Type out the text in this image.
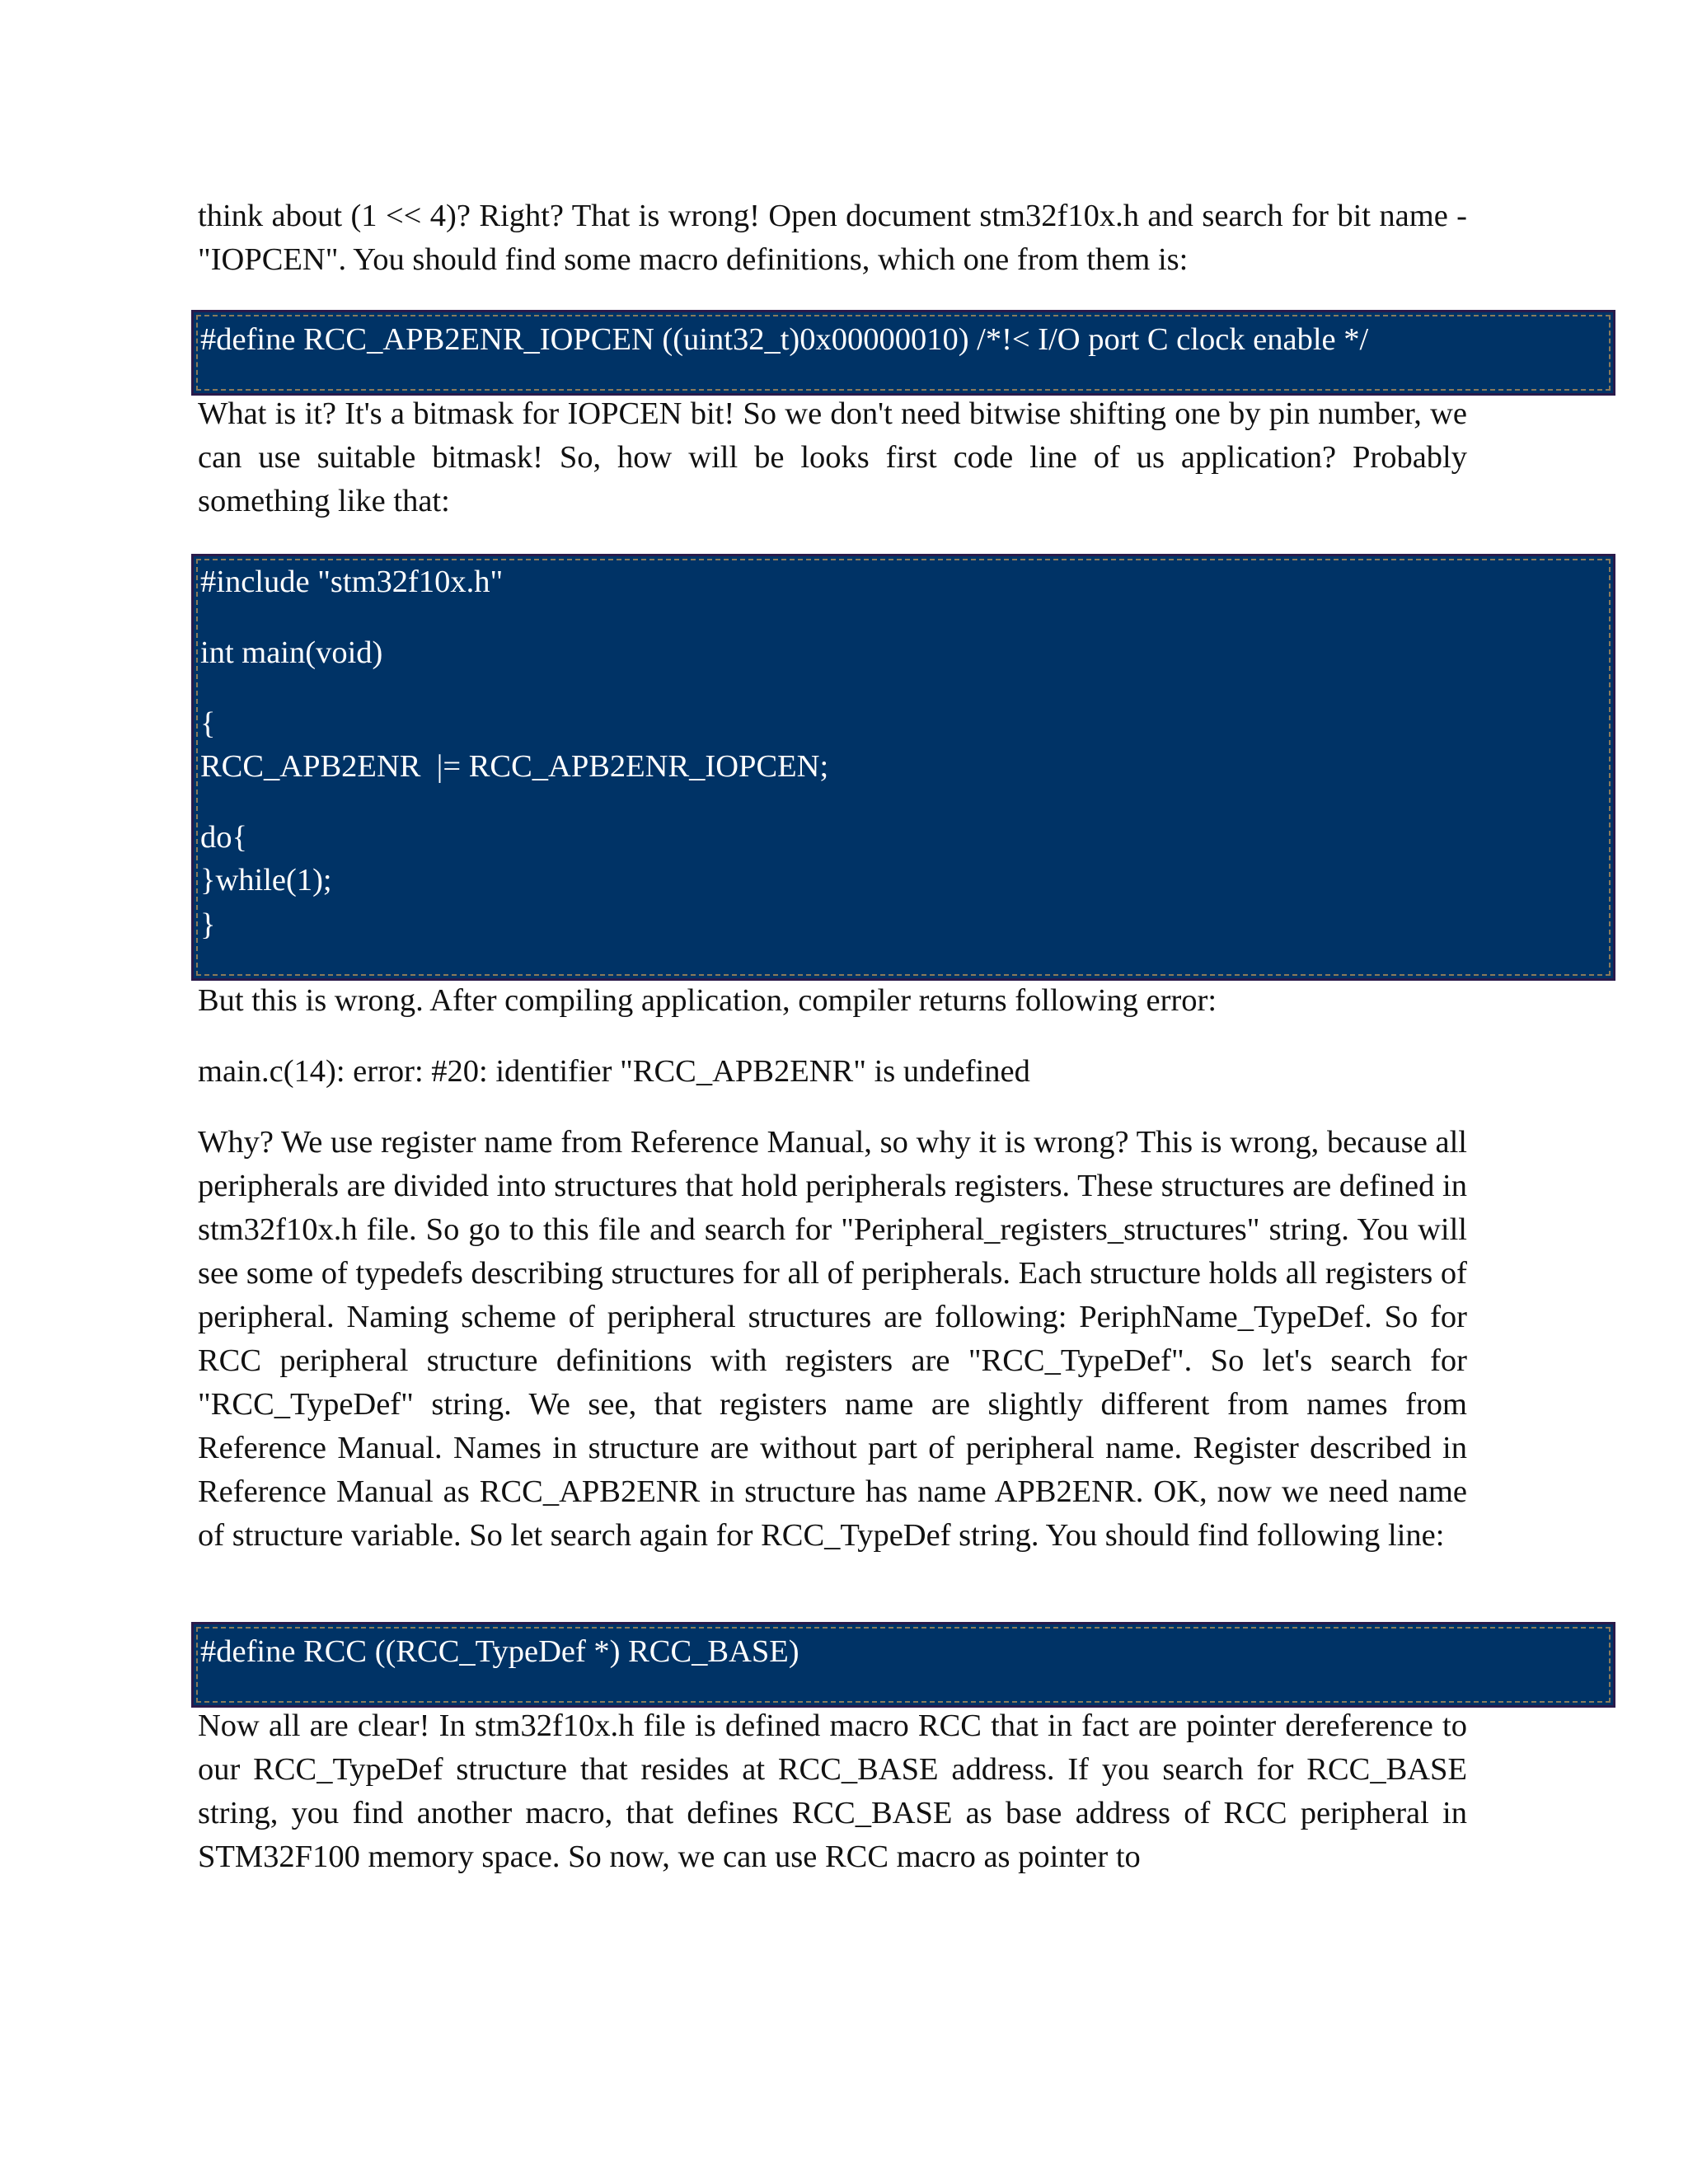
think about (1 << 4)? Right? That is wrong! Open document stm32f10x.h and search for bit name - "IOPCEN". You should find some macro definitions, which one from them is:

#define RCC_APB2ENR_IOPCEN ((uint32_t)0x00000010) /*!< I/O port C clock enable */

What is it? It's a bitmask for IOPCEN bit! So we don't need bitwise shifting one by pin number, we can use suitable bitmask! So, how will be looks first code line of us application? Probably something like that:

#include "stm32f10x.h"
int main(void)
{
RCC_APB2ENR  |= RCC_APB2ENR_IOPCEN;
do{
}while(1);
}

But this is wrong. After compiling application, compiler returns following error:

main.c(14): error: #20: identifier "RCC_APB2ENR" is undefined

Why? We use register name from Reference Manual, so why it is wrong? This is wrong, because all peripherals are divided into structures that hold peripherals registers. These structures are defined in stm32f10x.h file. So go to this file and search for "Peripheral_registers_structures" string. You will see some of typedefs describing structures for all of peripherals. Each structure holds all registers of peripheral. Naming scheme of peripheral structures are following: PeriphName_TypeDef. So for RCC peripheral structure definitions with registers are "RCC_TypeDef". So let's search for "RCC_TypeDef" string. We see, that registers name are slightly different from names from Reference Manual. Names in structure are without part of peripheral name. Register described in Reference Manual as RCC_APB2ENR in structure has name APB2ENR. OK, now we need name of structure variable. So let search again for RCC_TypeDef string. You should find following line:

#define RCC ((RCC_TypeDef *) RCC_BASE)

Now all are clear! In stm32f10x.h file is defined macro RCC that in fact are pointer dereference to our RCC_TypeDef structure that resides at RCC_BASE address. If you search for RCC_BASE string, you find another macro, that defines RCC_BASE as base address of RCC peripheral in STM32F100 memory space. So now, we can use RCC macro as pointer to
